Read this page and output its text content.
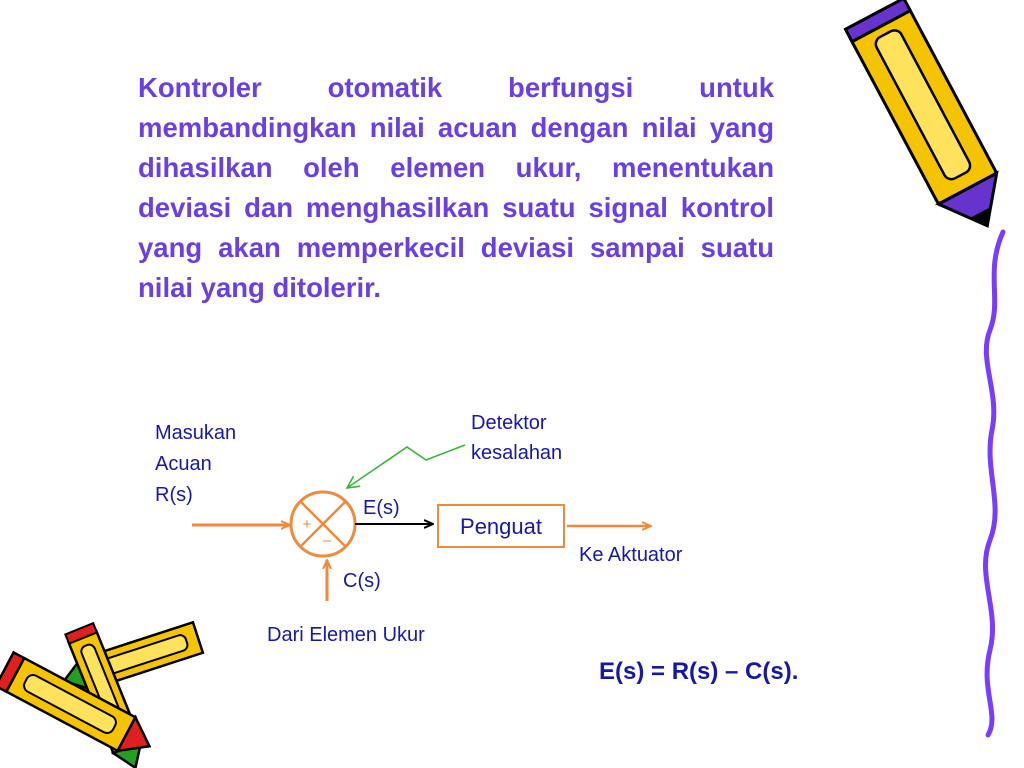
+
–

Kontroler otomatik berfungsi untuk membandingkan nilai acuan dengan nilai yang dihasilkan oleh elemen ukur, menentukan deviasi dan menghasilkan suatu signal kontrol yang akan memperkecil deviasi sampai suatu nilai yang ditolerir.

Masukan
Acuan
R(s)
Detektor
kesalahan
E(s)
Penguat
Ke Aktuator
C(s)
Dari Elemen Ukur

E(s) = R(s) – C(s).
